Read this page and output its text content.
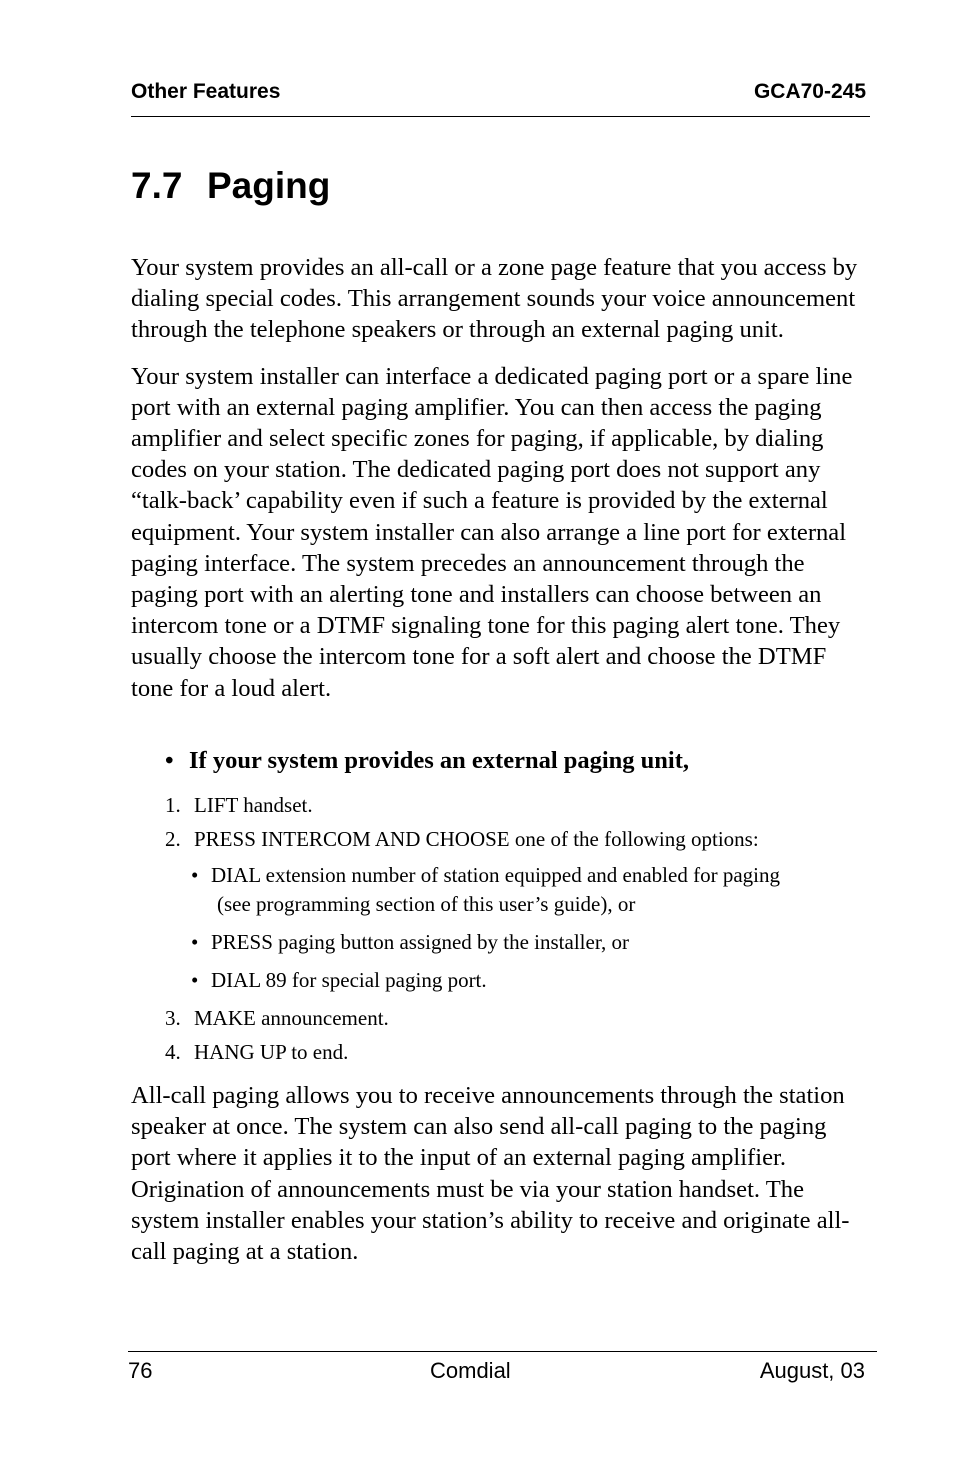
Other Features	GCA70-245
7.7 Paging

Your system provides an all-call or a zone page feature that you access by dialing special codes. This arrangement sounds your voice announcement through the telephone speakers or through an external paging unit.

Your system installer can interface a dedicated paging port or a spare line port with an external paging amplifier. You can then access the paging amplifier and select specific zones for paging, if applicable, by dialing codes on your station. The dedicated paging port does not support any “talk-back’ capability even if such a feature is provided by the external equipment. Your system installer can also arrange a line port for external paging interface. The system precedes an announcement through the paging port with an alerting tone and installers can choose between an intercom tone or a DTMF signaling tone for this paging alert tone. They usually choose the intercom tone for a soft alert and choose the DTMF tone for a loud alert.

• If your system provides an external paging unit,
1. LIFT handset.
2. PRESS INTERCOM AND CHOOSE one of the following options:
• DIAL extension number of station equipped and enabled for paging
(see programming section of this user’s guide), or
• PRESS paging button assigned by the installer, or
• DIAL 89 for special paging port.
3. MAKE announcement.
4. HANG UP to end.

All-call paging allows you to receive announcements through the station speaker at once. The system can also send all-call paging to the paging port where it applies it to the input of an external paging amplifier. Origination of announcements must be via your station handset. The system installer enables your station’s ability to receive and originate all-call paging at a station.

76	Comdial	August, 03
